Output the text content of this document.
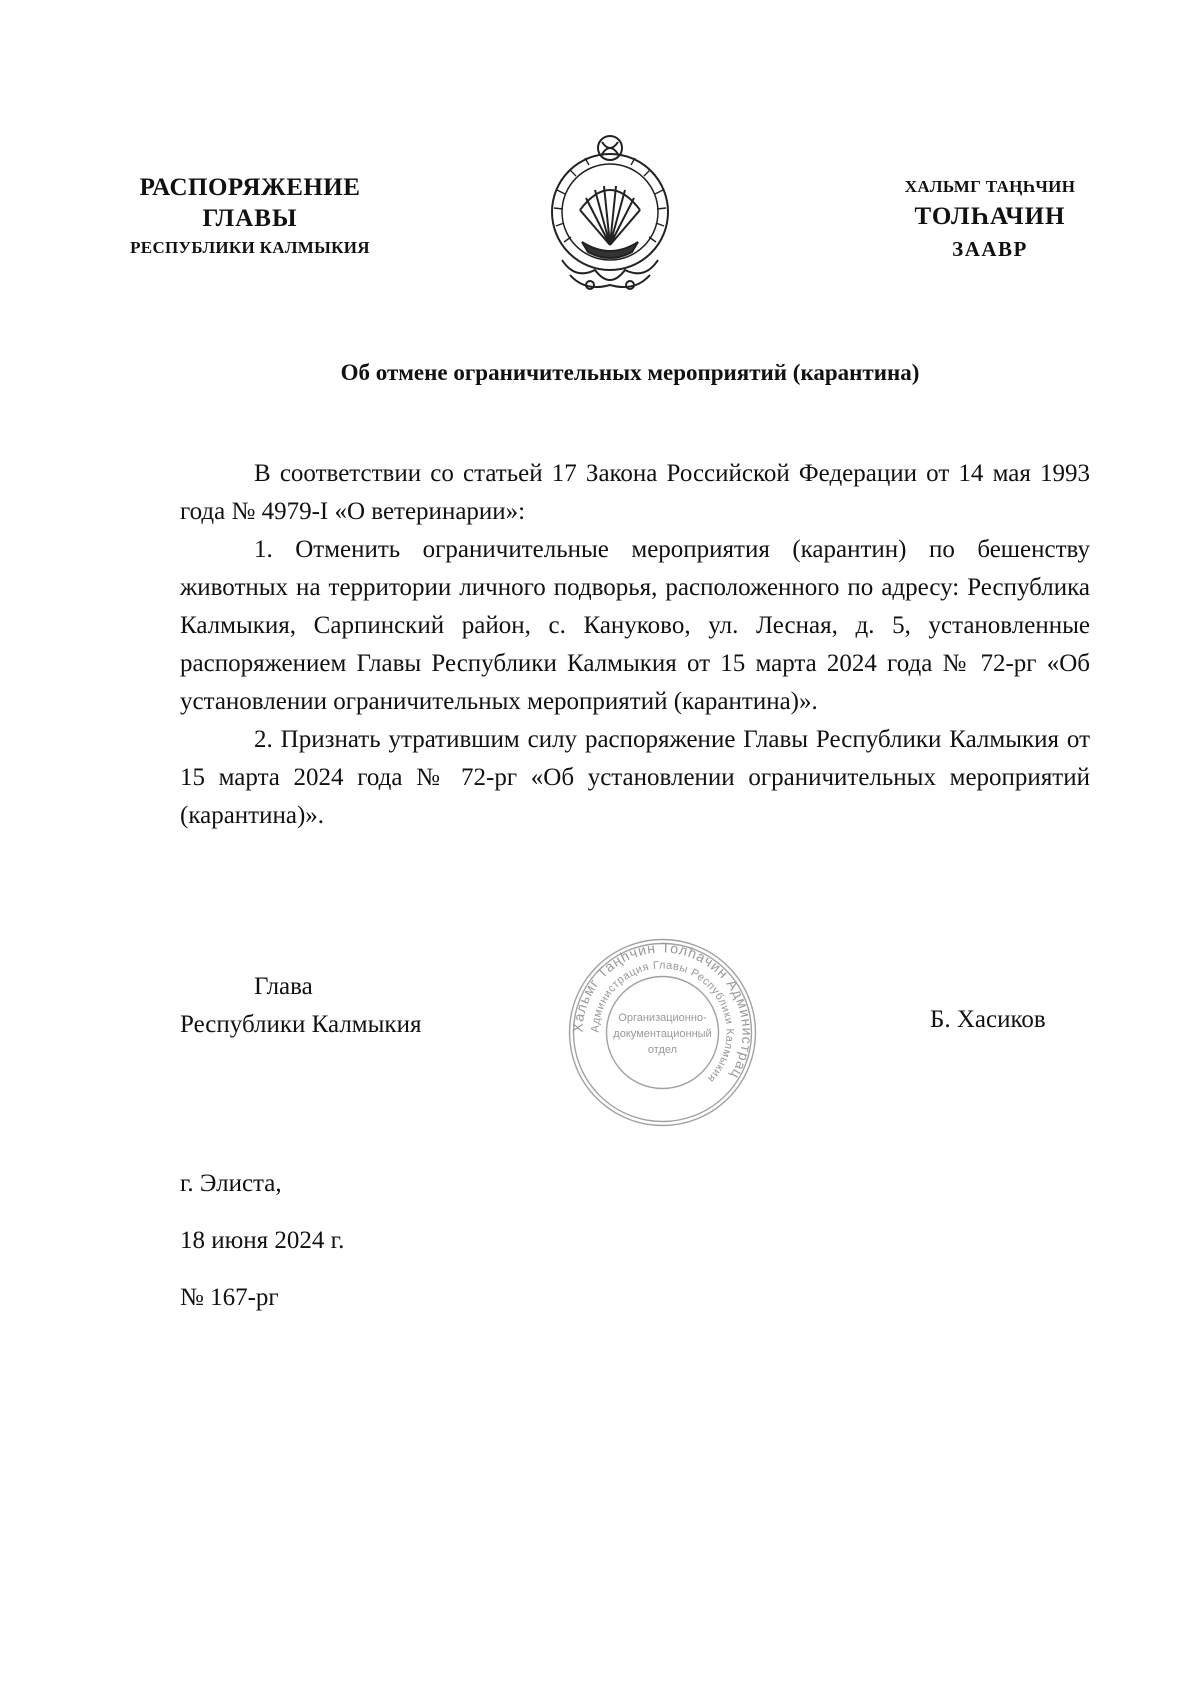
РАСПОРЯЖЕНИЕ
ГЛАВЫ
РЕСПУБЛИКИ КАЛМЫКИЯ
ХАЛЬМГ ТАҢҺЧИН
ТОЛҺАЧИН
ЗААВР
Об отмене ограничительных мероприятий (карантина)

В соответствии со статьей 17 Закона Российской Федерации от 14 мая 1993 года № 4979-I «О ветеринарии»:

1. Отменить ограничительные мероприятия (карантин) по бешенству животных на территории личного подворья, расположенного по адресу: Республика Калмыкия, Сарпинский район, с. Кануково, ул. Лесная, д. 5, установленные распоряжением Главы Республики Калмыкия от 15 марта 2024 года № 72-рг «Об установлении ограничительных мероприятий (карантина)».

2. Признать утратившим силу распоряжение Главы Республики Калмыкия от 15 марта 2024 года № 72-рг «Об установлении ограничительных мероприятий (карантина)».

Глава
Республики Калмыкия	Хальмг Таңһчин Толһачин Администрац
Администрация Главы Республики Калмыкия
Организационно-
документационный
отдел
Б. Хасиков
г. Элиста,
18 июня 2024 г.
№ 167-рг
